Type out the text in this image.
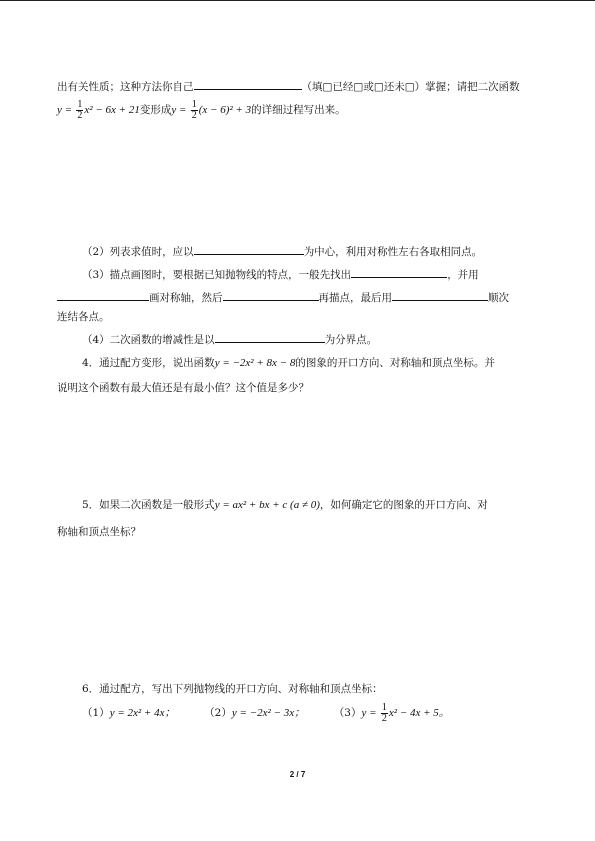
出有关性质；这种方法你自己	（填□已经□或□还未□）掌握；请把二次函数
$y = \frac{1}{2} x^2 - 6x + 21$变形成$y = \frac{1}{2} (x - 6)^2 + 3$的详细过程写出来。
（2）列表求值时，应以	为中心，利用对称性左右各取相同点。
（3）描点画图时，要根据已知抛物线的特点，一般先找出	，并用
画对称轴，然后	再描点，最后用	顺次
连结各点。
（4）二次函数的增减性是以	为分界点。
4．通过配方变形，说出函数y = −2x² + 8x − 8的图象的开口方向、对称轴和顶点坐标。并
说明这个函数有最大值还是有最小值？这个值是多少？
5．如果二次函数是一般形式y = ax² + bx + c (a ≠ 0)，如何确定它的图象的开口方向、对
称轴和顶点坐标？
6．通过配方，写出下列抛物线的开口方向、对称轴和顶点坐标：
（1）y = 2x² + 4x；	（2）y = −2x² − 3x；	$(3)y = \frac{1}{2} x^2 - 4x + 5$。
2 / 7
